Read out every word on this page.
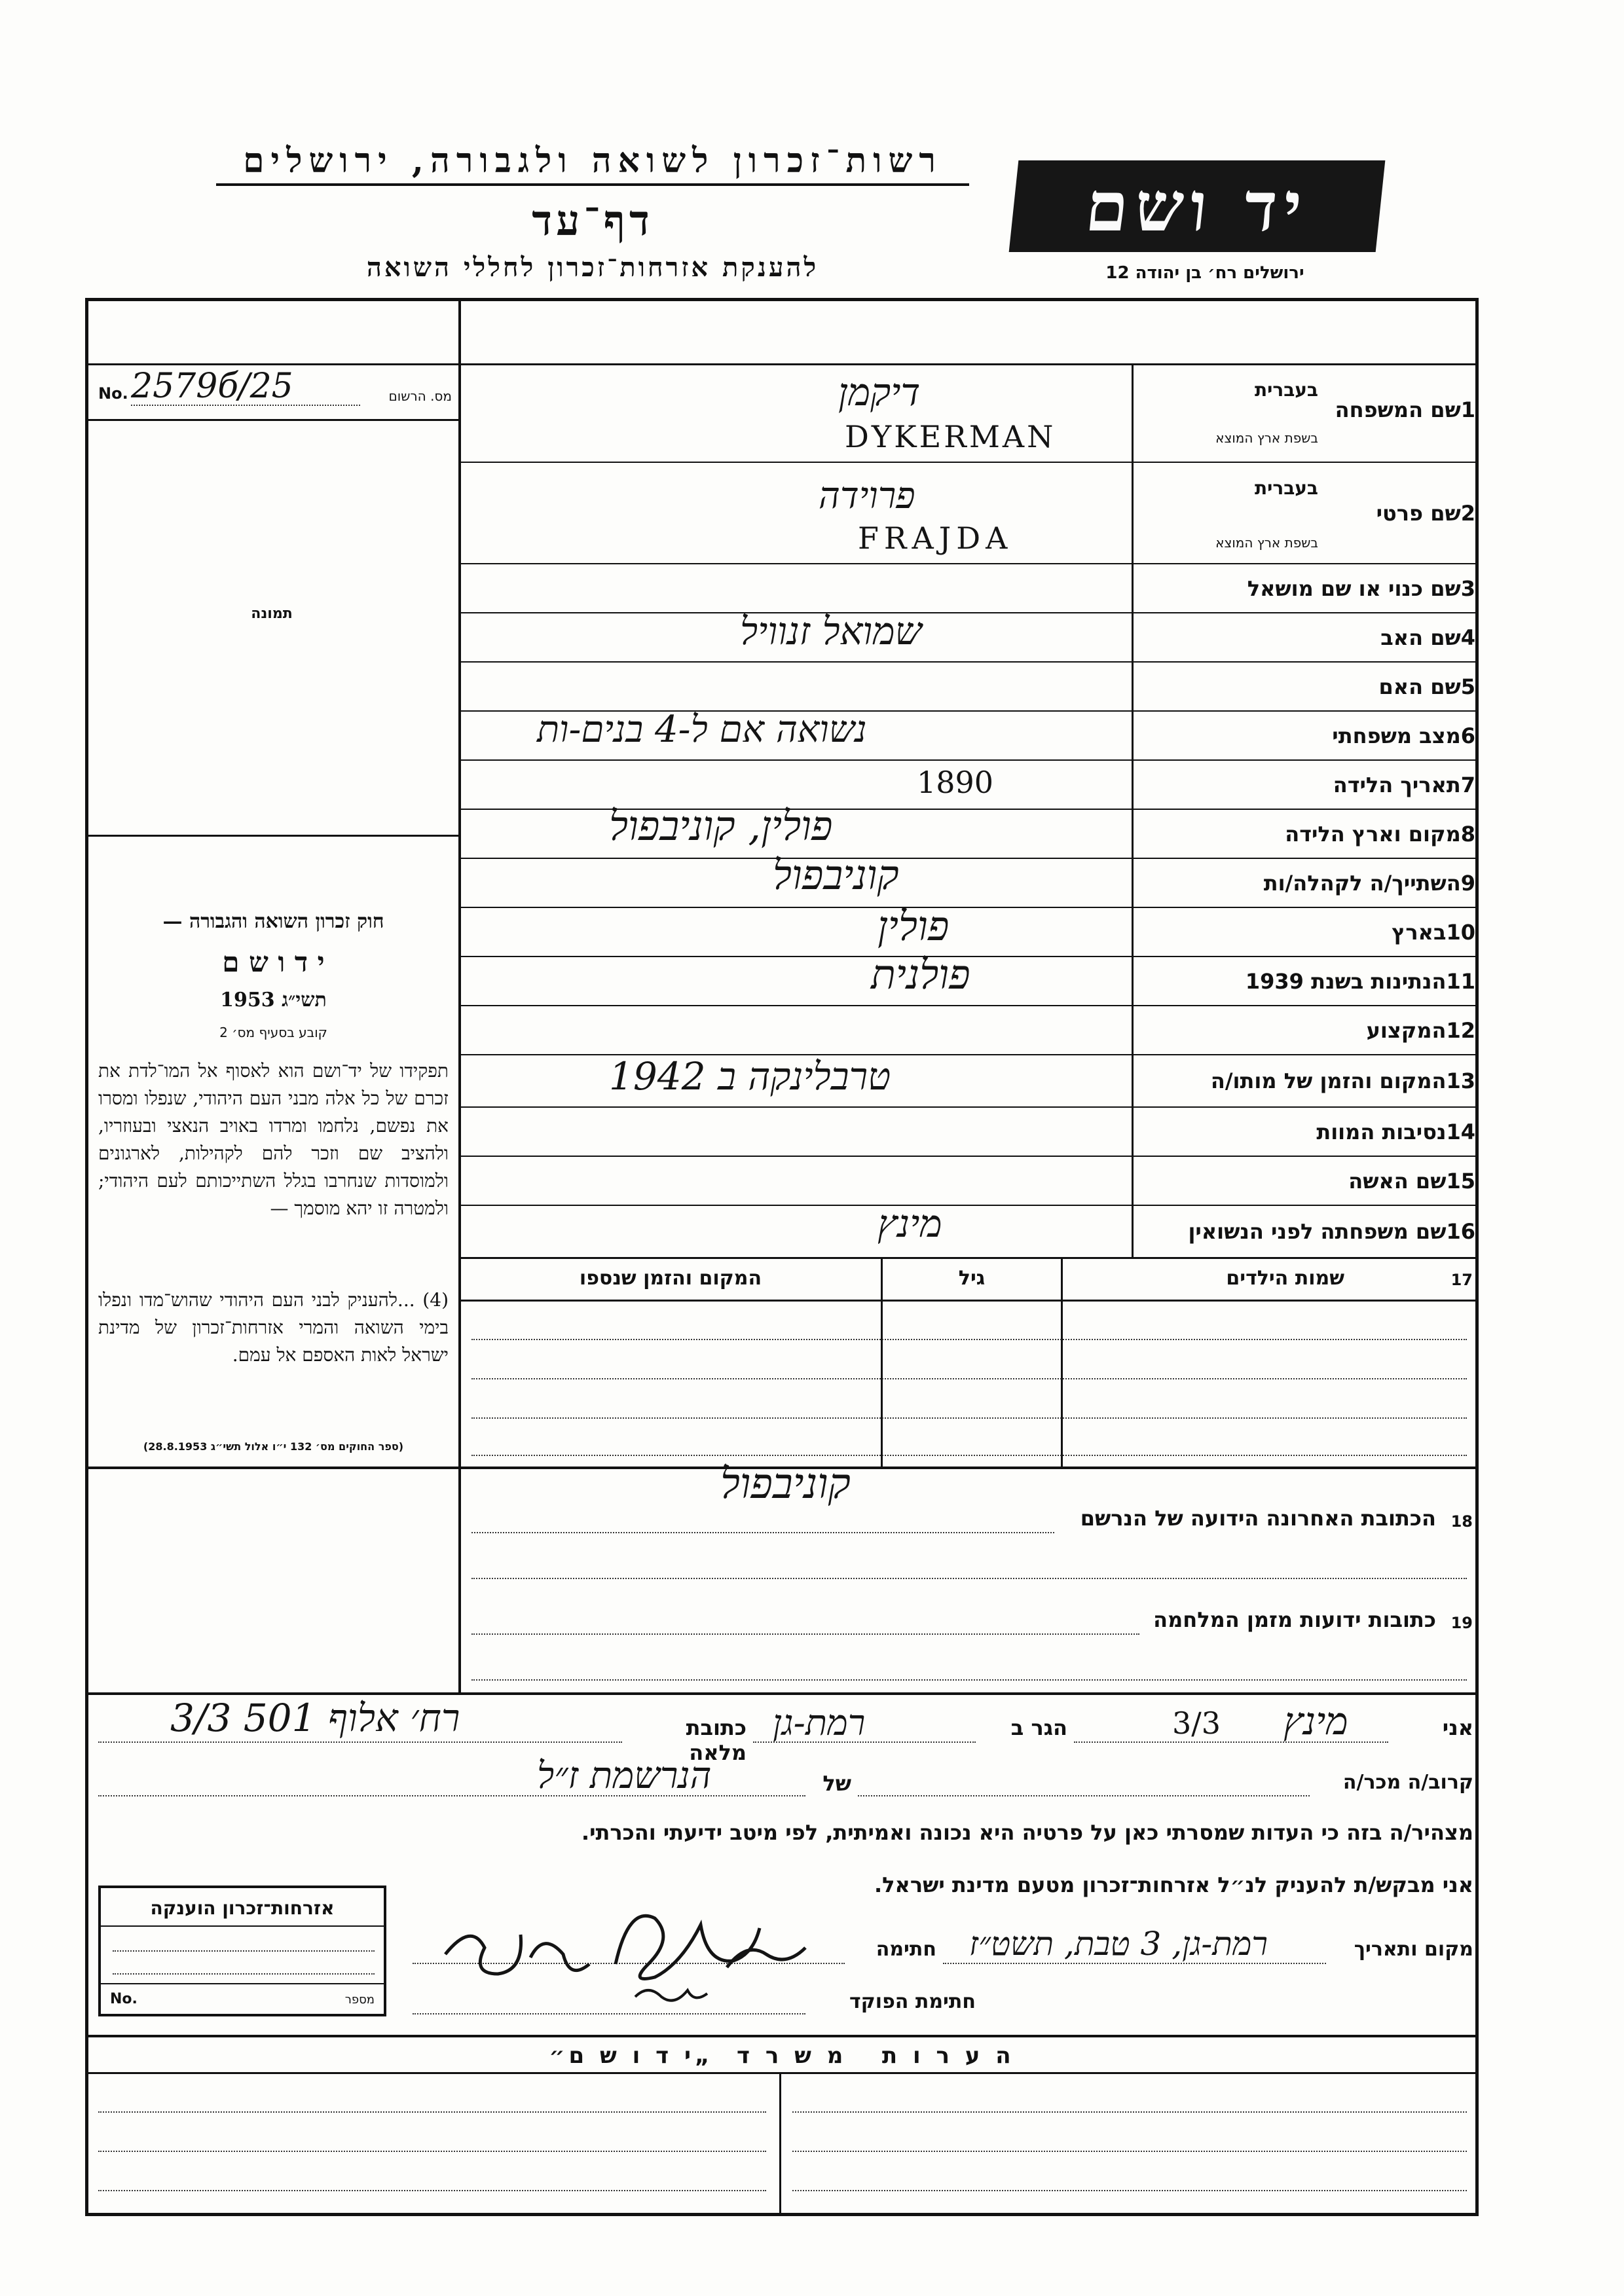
רשות־זכרון לשואה ולגבורה, ירושלים
דף־עד
להענקת אזרחות־זכרון לחללי השואה
יד ושם
ירושלים רח׳ בן יהודה 12
No. 2579б/25	מס. הרשום
תמונה
חוק זכרון השואה והגבורה —
י ד ו ש ם
תשי״ג 1953
קובע בסעיף מס׳ 2
תפקידו של יד־ושם הוא לאסוף אל המו־לדת את זכרם של כל אלה מבני העם היהודי, שנפלו ומסרו את נפשם, נלחמו ומרדו באויב הנאצי ובעוזריו, ולהציב שם וזכר להם לקהילות, לארגונים ולמוסדות שנחרבו בגלל השתייכותם לעם היהודי; ולמטרה זו יהא מוסמך —
(4) ...להעניק לבני העם היהודי שהוש־מדו ונפלו בימי השואה והמרי אזרחות־זכרון של מדינת ישראל לאות האספם אל עמם.
(ספר החוקים מס׳ 132 י״ו אלול תשי״ג 28.8.1953)
1שם המשפחה
בעברית
בשפת ארץ המוצא
דיקמן
DYKERMAN
2שם פרטי
בעברית
בשפת ארץ המוצא
פרוידה
FRAJDA
3שם כנוי או שם מושאל
4שם האב
שמואל זנוויל
5שם האם
6מצב משפחתי
נשואה אם ל-4 בנים-ות
7תאריך הלידה
1890
8מקום וארץ הלידה
פולין, קוניבפול
9השתייך/ה לקהלה/ות
קוניבפול
10בארץ
פולין
11הנתינות בשנת 1939
פולנית
12המקצוע
13המקום והזמן של מותו/ה
טרבלינקה ב 1942
14נסיבות המוות
15שם האשה
16שם משפחתה לפני הנשואין
מינץ
17
שמות הילדים
גיל
המקום והזמן שנספו
18
הכתובת האחרונה הידועה של הנרשם
קוניבפול
19
כתובות ידועות מזמן המלחמה
אני
מינץ
3/3
הגר ב
רמת-גן
כתובת מלאה
רח׳ אלוף 501 3/3
קרוב/ה מכר/ה
של
הנרשמת ז״ל
מצהיר/ה בזה כי העדות שמסרתי כאן על פרטיה היא נכונה ואמיתית, לפי מיטב ידיעתי והכרתי.
אני מבקש/ת להעניק לנ״ל אזרחות־זכרון מטעם מדינת ישראל.
מקום ותאריך
רמת-גן, 3 טבת, תשט״ז
חתימה
חתימת הפוקד
אזרחות־זכרון הוענקה
No.	מספר
ה ע ר ו ת   מ ש ר ד  „י ד ו ש ם״
